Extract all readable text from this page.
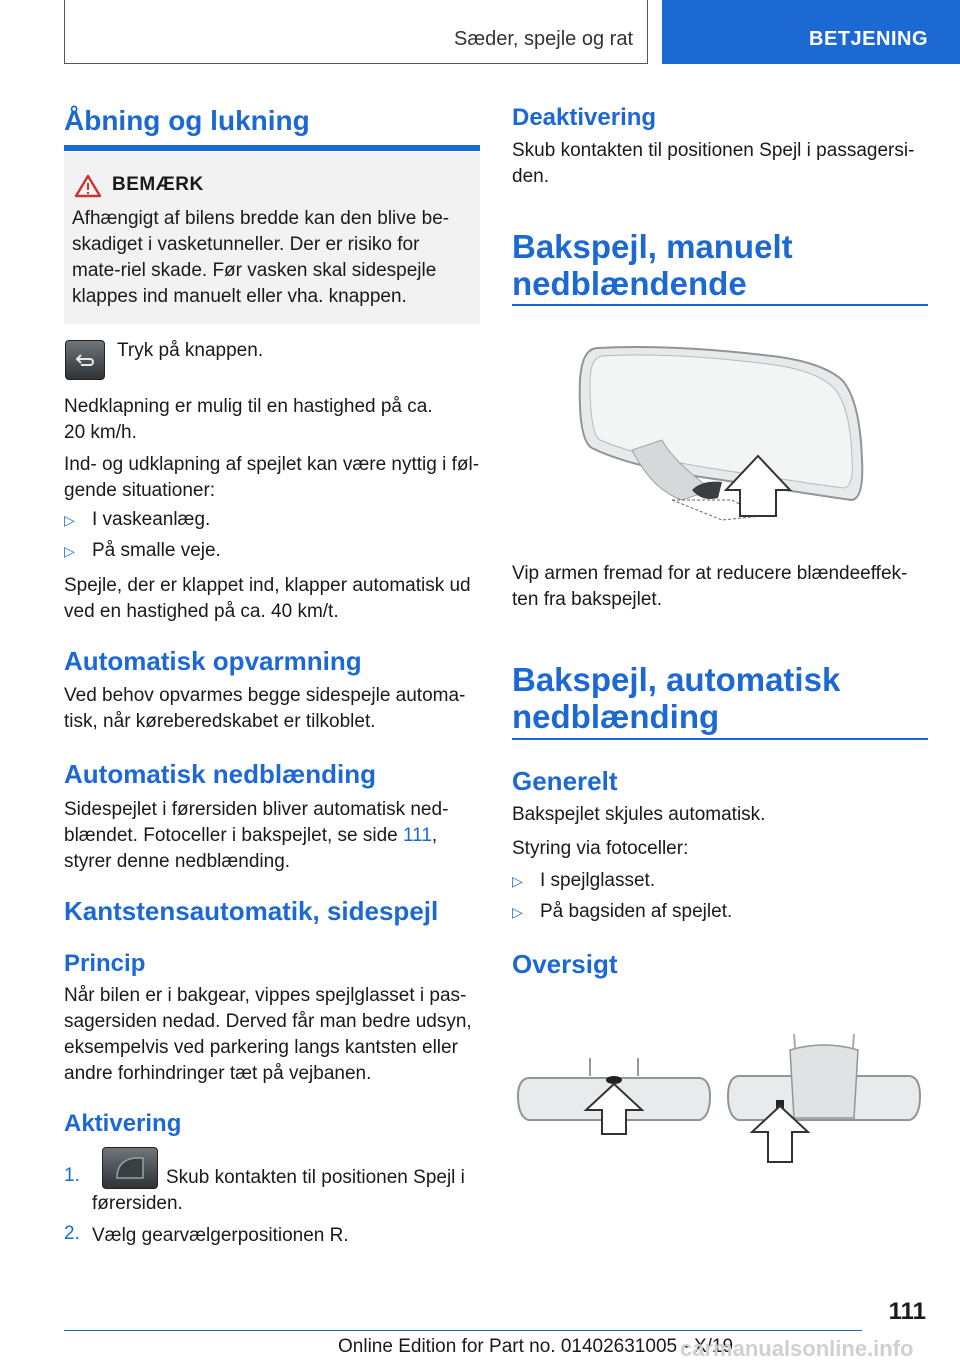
Sæder, spejle og rat	BETJENING
Åbning og lukning
BEMÆRK
Afhængigt af bilens bredde kan den blive be-skadiget i vasketunneller. Der er risiko for mate-riel skade. Før vasken skal sidespejle klappes ind manuelt eller vha. knappen.

Tryk på knappen.

Nedklapning er mulig til en hastighed på ca. 20 km/h.

Ind- og udklapning af spejlet kan være nyttig i føl-gende situationer:

▷ I vaskeanlæg.

▷ På smalle veje.

Spejle, der er klappet ind, klapper automatisk ud ved en hastighed på ca. 40 km/t.

Automatisk opvarmning

Ved behov opvarmes begge sidespejle automa-tisk, når køreberedskabet er tilkoblet.

Automatisk nedblænding

Sidespejlet i førersiden bliver automatisk ned-blændet. Fotoceller i bakspejlet, se side 111, styrer denne nedblænding.

Kantstensautomatik, sidespejl
Princip

Når bilen er i bakgear, vippes spejlglasset i pas-sagersiden nedad. Derved får man bedre udsyn, eksempelvis ved parkering langs kantsten eller andre forhindringer tæt på vejbanen.

Aktivering
1.	Skub kontakten til positionen Spejl i førersiden.

2. Vælg gearvælgerpositionen R.

Deaktivering

Skub kontakten til positionen Spejl i passagersi-den.

Bakspejl, manuelt nedblændende

Vip armen fremad for at reducere blændeeffek-ten fra bakspejlet.

Bakspejl, automatisk nedblænding
Generelt

Bakspejlet skjules automatisk.

Styring via fotoceller:

▷ I spejlglasset.

▷ På bagsiden af spejlet.

Oversigt
111
Online Edition for Part no. 01402631005 - X/19
carmanualsonline.info
